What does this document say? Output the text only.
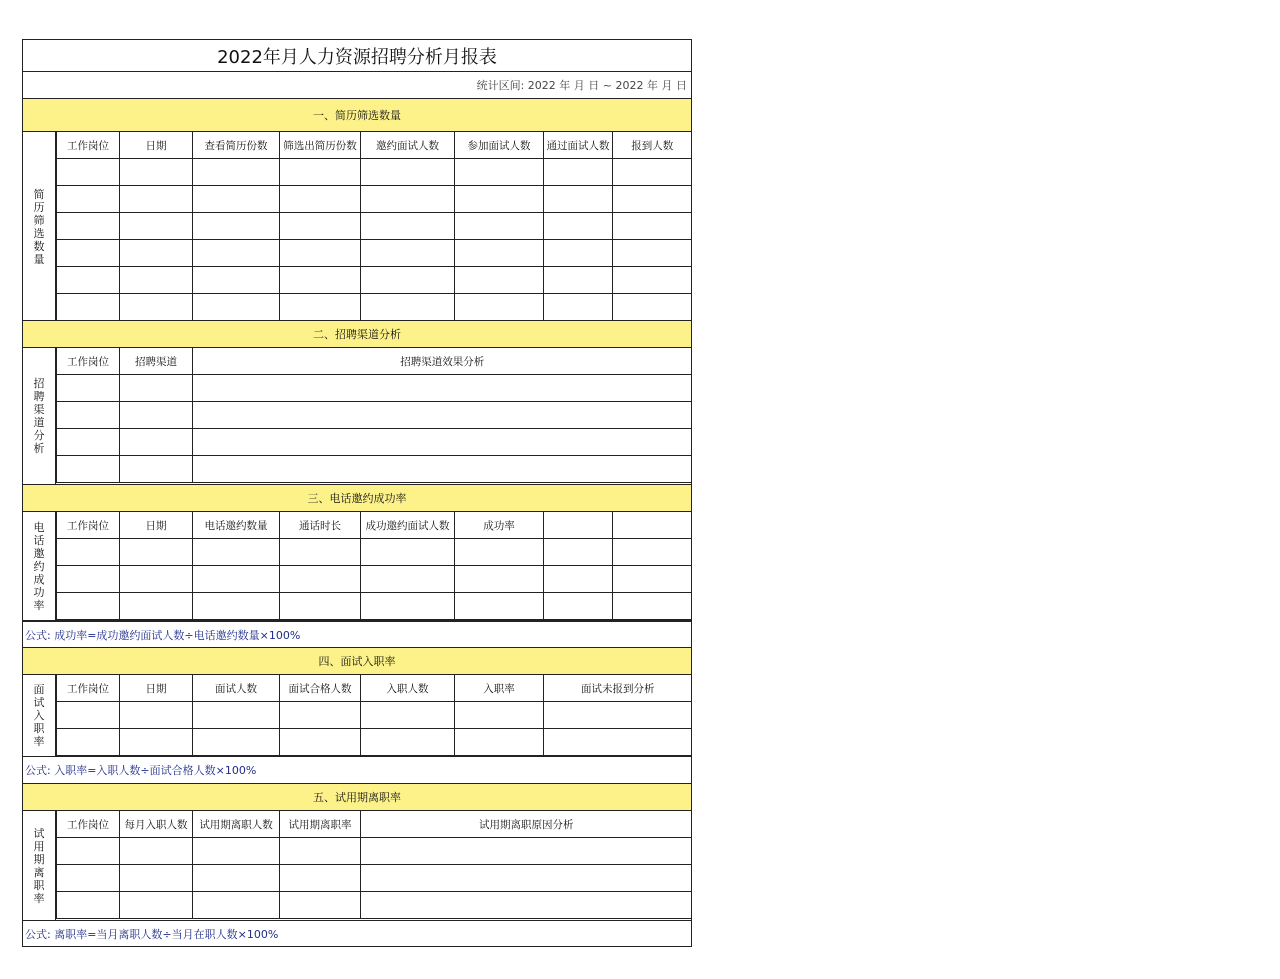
2022年月人力资源招聘分析月报表
统计区间: 2022 年 月 日 ~ 2022 年 月 日
一、简历筛选数量
简历筛选数量
工作岗位	日期	查看简历份数	筛选出简历份数	邀约面试人数	参加面试人数	通过面试人数	报到人数

二、招聘渠道分析
招聘渠道分析
工作岗位	招聘渠道	招聘渠道效果分析

三、电话邀约成功率
电话邀约成功率
工作岗位	日期	电话邀约数量	通话时长	成功邀约面试人数	成功率		

公式: 成功率=成功邀约面试人数÷电话邀约数量×100%
四、面试入职率
面试入职率
工作岗位	日期	面试人数	面试合格人数	入职人数	入职率	面试未报到分析

公式: 入职率=入职人数÷面试合格人数×100%
五、试用期离职率
试用期离职率
工作岗位	每月入职人数	试用期离职人数	试用期离职率	试用期离职原因分析

公式: 离职率=当月离职人数÷当月在职人数×100%
